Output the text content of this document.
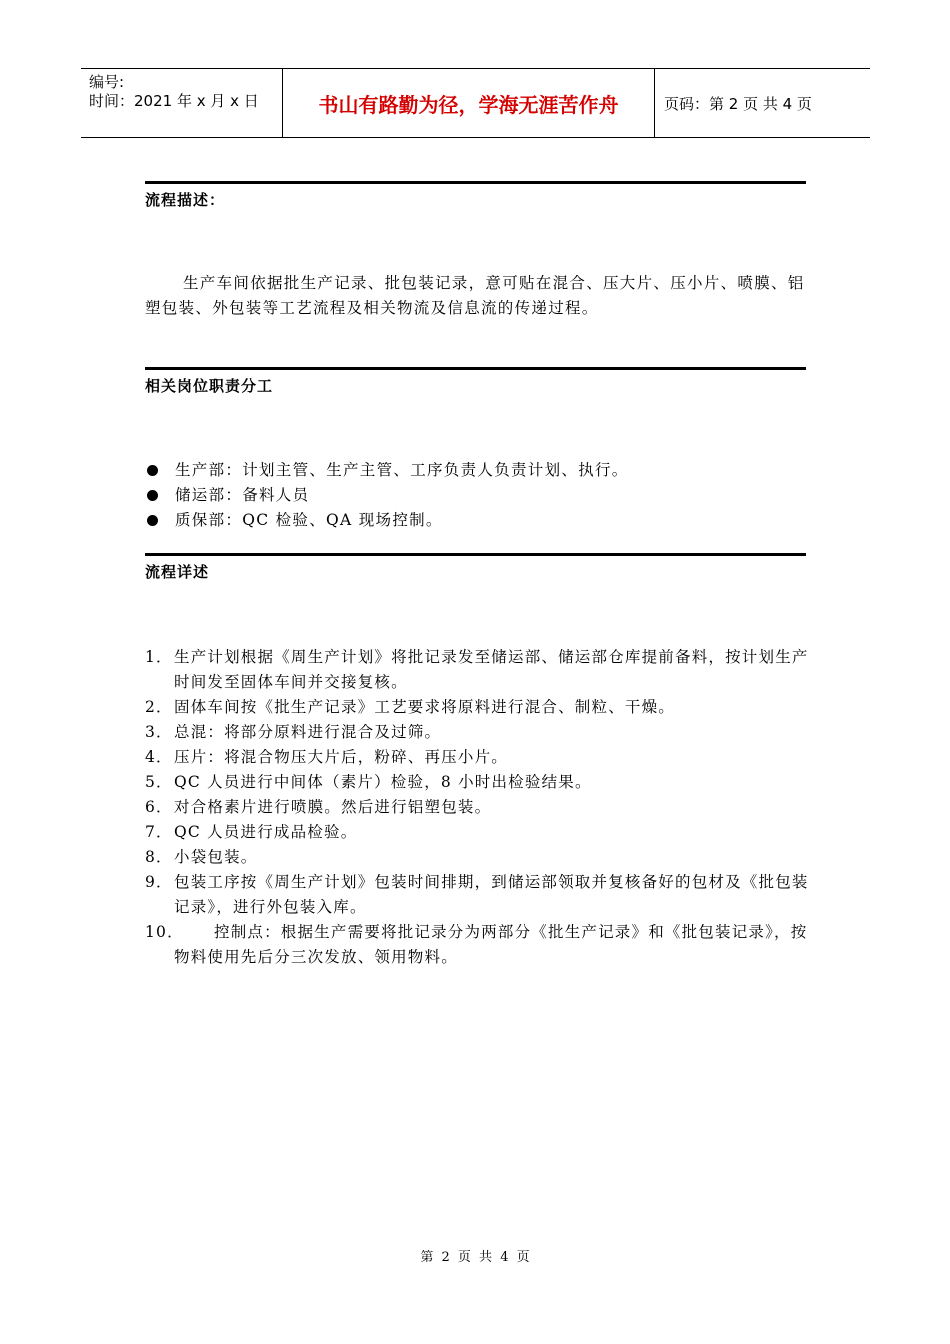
编号:
时间：2021 年 x 月 x 日	书山有路勤为径，学海无涯苦作舟	页码：第 2 页 共 4 页
流程描述：
生产车间依据批生产记录、批包装记录，意可贴在混合、压大片、压小片、喷膜、铝塑包装、外包装等工艺流程及相关物流及信息流的传递过程。
相关岗位职责分工
生产部：计划主管、生产主管、工序负责人负责计划、执行。
储运部：备料人员
质保部：QC 检验、QA 现场控制。
流程详述
1． 生产计划根据《周生产计划》将批记录发至储运部、储运部仓库提前备料，按计划生产时间发至固体车间并交接复核。
2． 固体车间按《批生产记录》工艺要求将原料进行混合、制粒、干燥。
3． 总混：将部分原料进行混合及过筛。
4． 压片：将混合物压大片后，粉碎、再压小片。
5． QC 人员进行中间体（素片）检验，8 小时出检验结果。
6． 对合格素片进行喷膜。然后进行铝塑包装。
7． QC 人员进行成品检验。
8． 小袋包装。
9． 包装工序按《周生产计划》包装时间排期，到储运部领取并复核备好的包材及《批包装记录》，进行外包装入库。
10． 控制点：根据生产需要将批记录分为两部分《批生产记录》和《批包装记录》，按物料使用先后分三次发放、领用物料。
第 2 页 共 4 页
